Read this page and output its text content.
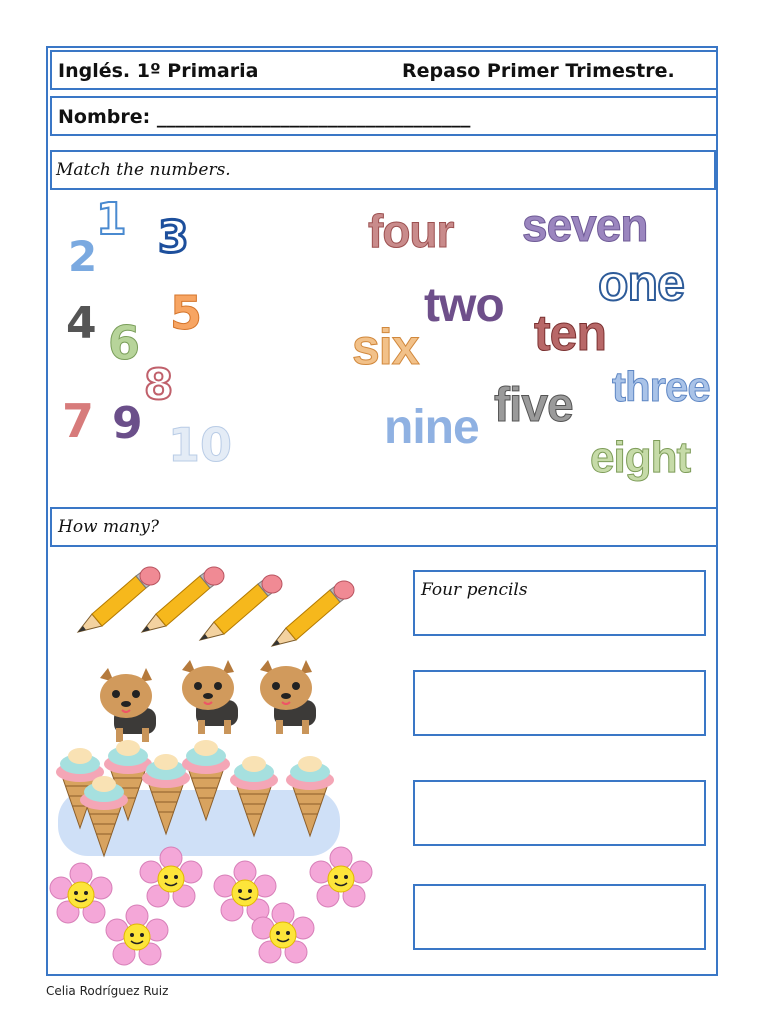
Inglés. 1º Primaria	Repaso Primer Trimestre.
Nombre: _________________________________
Match the numbers.
1
2 3
4 5
6
7
8
9 10
four seven
two one
six ten
three
nine five
eight
How many?
Four pencils
Celia Rodríguez Ruiz
